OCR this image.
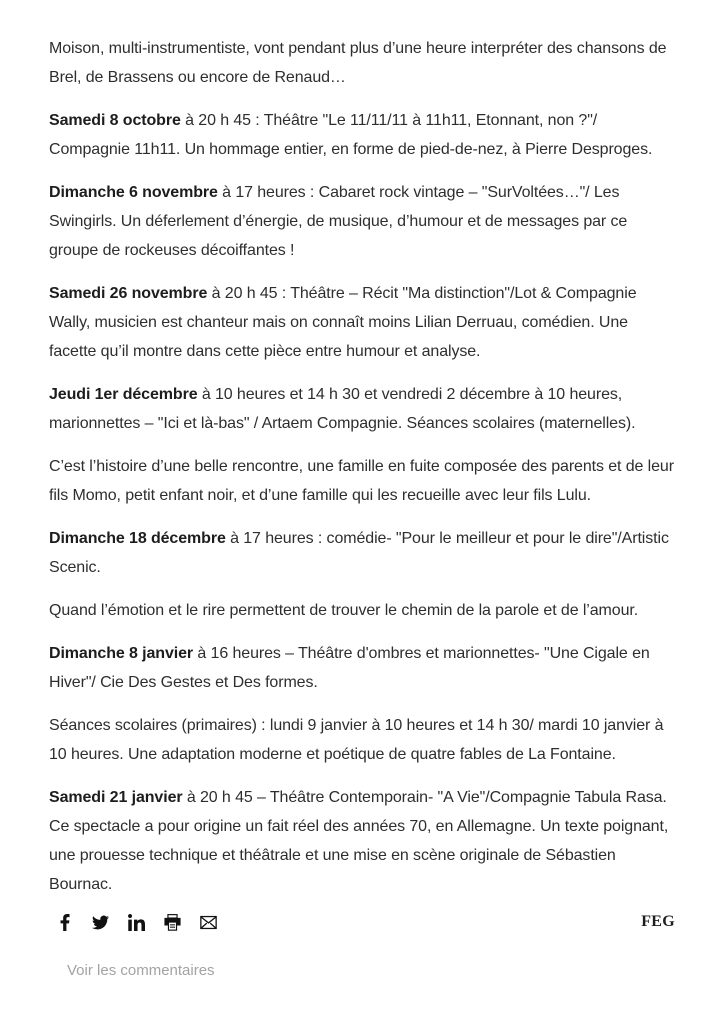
Moison, multi-instrumentiste, vont pendant plus d’une heure interpréter des chansons de Brel, de Brassens ou encore de Renaud…

Samedi 8 octobre à 20 h 45 : Théâtre "Le 11/11/11 à 11h11, Etonnant, non ?"/ Compagnie 11h11. Un hommage entier, en forme de pied-de-nez, à Pierre Desproges.

Dimanche 6 novembre à 17 heures : Cabaret rock vintage – "SurVoltées…"/ Les Swingirls. Un déferlement d’énergie, de musique, d’humour et de messages par ce groupe de rockeuses décoiffantes !

Samedi 26 novembre à 20 h 45 : Théâtre – Récit "Ma distinction"/Lot & Compagnie Wally, musicien est chanteur mais on connaît moins Lilian Derruau, comédien. Une facette qu’il montre dans cette pièce entre humour et analyse.

Jeudi 1er décembre à 10 heures et 14 h 30 et vendredi 2 décembre à 10 heures, marionnettes – "Ici et là-bas" / Artaem Compagnie. Séances scolaires (maternelles).

C’est l’histoire d’une belle rencontre, une famille en fuite composée des parents et de leur fils Momo, petit enfant noir, et d’une famille qui les recueille avec leur fils Lulu.

Dimanche 18 décembre à 17 heures : comédie- "Pour le meilleur et pour le dire"/Artistic Scenic.

Quand l’émotion et le rire permettent de trouver le chemin de la parole et de l’amour.

Dimanche 8 janvier à 16 heures – Théâtre d'ombres et marionnettes- "Une Cigale en Hiver"/ Cie Des Gestes et Des formes.

Séances scolaires (primaires) : lundi 9 janvier à 10 heures et 14 h 30/ mardi 10 janvier à 10 heures. Une adaptation moderne et poétique de quatre fables de La Fontaine.

Samedi 21 janvier à 20 h 45 – Théâtre Contemporain- "A Vie"/Compagnie Tabula Rasa. Ce spectacle a pour origine un fait réel des années 70, en Allemagne. Un texte poignant, une prouesse technique et théâtrale et une mise en scène originale de Sébastien Bournac.

FEG
Voir les commentaires
